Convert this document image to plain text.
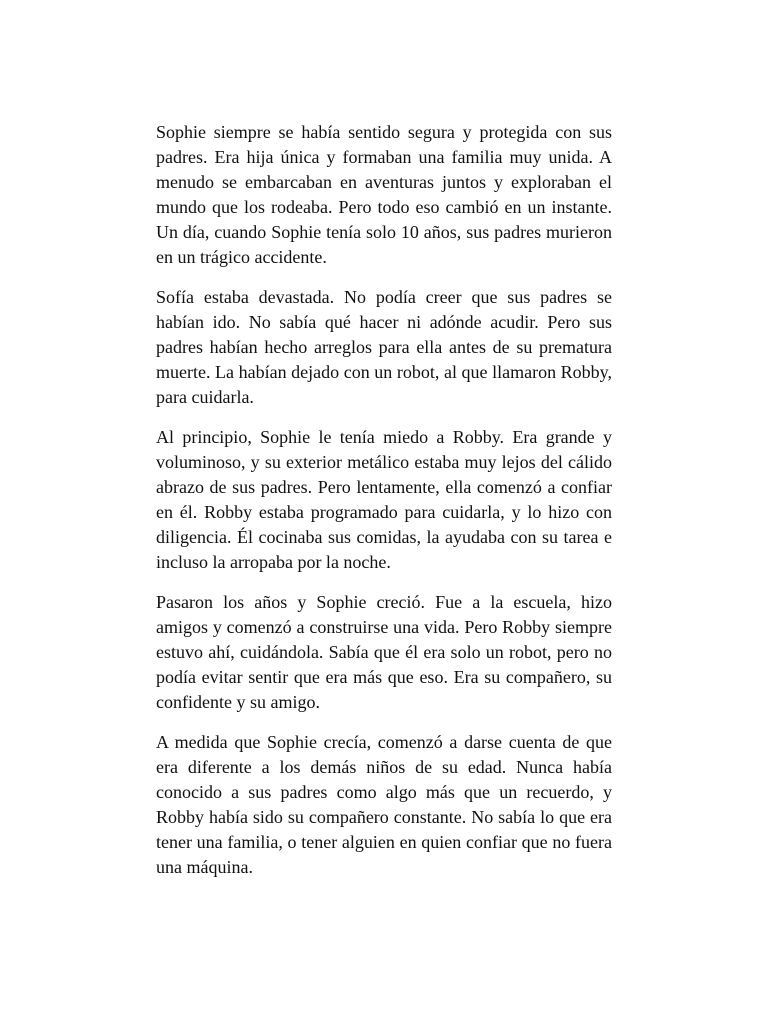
Sophie siempre se había sentido segura y protegida con sus padres. Era hija única y formaban una familia muy unida. A menudo se embarcaban en aventuras juntos y exploraban el mundo que los rodeaba. Pero todo eso cambió en un instante. Un día, cuando Sophie tenía solo 10 años, sus padres murieron en un trágico accidente.

Sofía estaba devastada. No podía creer que sus padres se habían ido. No sabía qué hacer ni adónde acudir. Pero sus padres habían hecho arreglos para ella antes de su prematura muerte. La habían dejado con un robot, al que llamaron Robby, para cuidarla.

Al principio, Sophie le tenía miedo a Robby. Era grande y voluminoso, y su exterior metálico estaba muy lejos del cálido abrazo de sus padres. Pero lentamente, ella comenzó a confiar en él. Robby estaba programado para cuidarla, y lo hizo con diligencia. Él cocinaba sus comidas, la ayudaba con su tarea e incluso la arropaba por la noche.

Pasaron los años y Sophie creció. Fue a la escuela, hizo amigos y comenzó a construirse una vida. Pero Robby siempre estuvo ahí, cuidándola. Sabía que él era solo un robot, pero no podía evitar sentir que era más que eso. Era su compañero, su confidente y su amigo.

A medida que Sophie crecía, comenzó a darse cuenta de que era diferente a los demás niños de su edad. Nunca había conocido a sus padres como algo más que un recuerdo, y Robby había sido su compañero constante. No sabía lo que era tener una familia, o tener alguien en quien confiar que no fuera una máquina.
